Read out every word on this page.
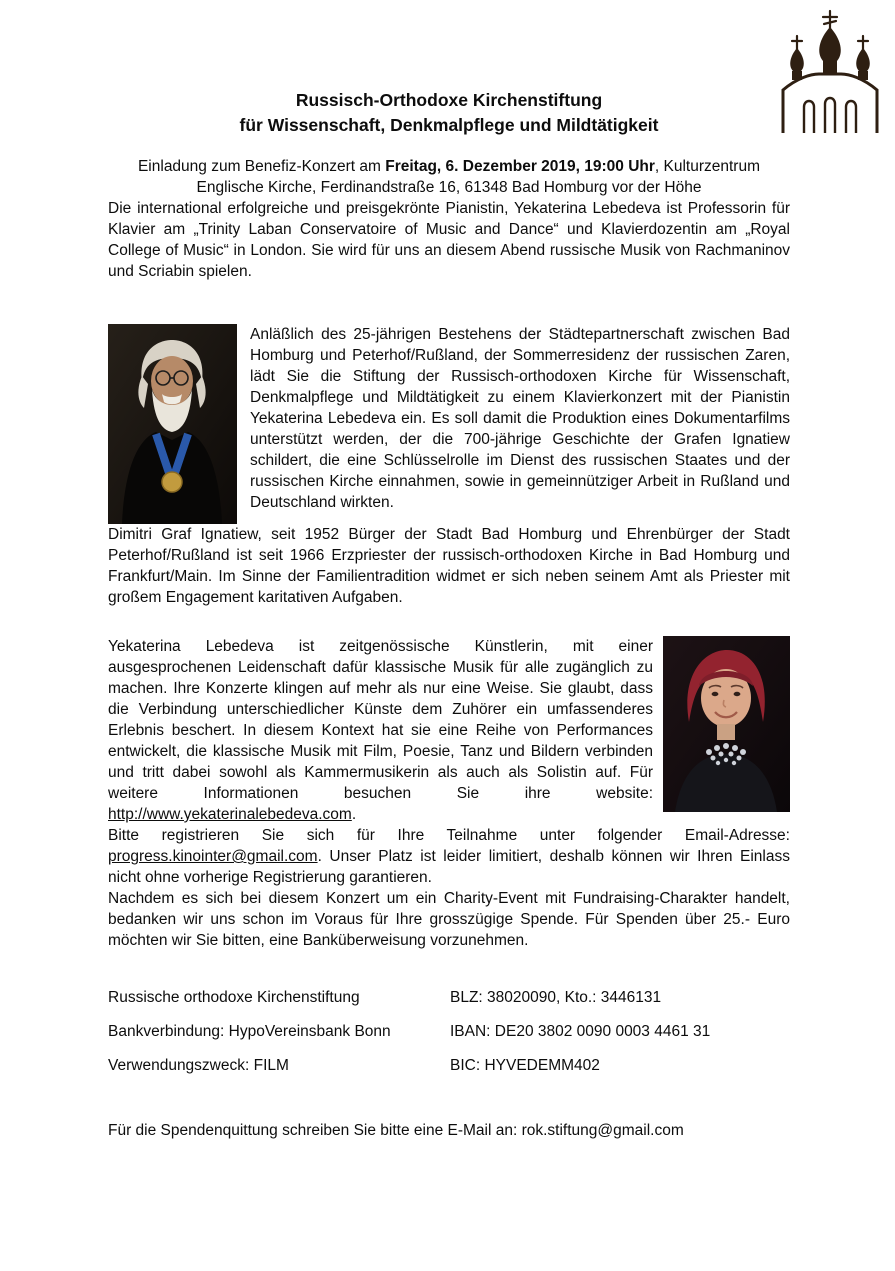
Russisch-Orthodoxe Kirchenstiftung
für Wissenschaft, Denkmalpflege und Mildtätigkeit

Einladung zum Benefiz-Konzert am Freitag, 6. Dezember 2019, 19:00 Uhr, Kulturzentrum Englische Kirche, Ferdinandstraße 16, 61348 Bad Homburg vor der Höhe

Die international erfolgreiche und preisgekrönte Pianistin, Yekaterina Lebedeva ist Professorin für Klavier am „Trinity Laban Conservatoire of Music and Dance“ und Klavierdozentin am „Royal College of Music“ in London. Sie wird für uns an diesem Abend russische Musik von Rachmaninov und Scriabin spielen.

Anläßlich des 25-jährigen Bestehens der Städtepartnerschaft zwischen Bad Homburg und Peterhof/Rußland, der Sommerresidenz der russischen Zaren, lädt Sie die Stiftung der Russisch-orthodoxen Kirche für Wissenschaft, Denkmalpflege und Mildtätigkeit zu einem Klavierkonzert mit der Pianistin Yekaterina Lebedeva ein. Es soll damit die Produktion eines Dokumentarfilms unterstützt werden, der die 700-jährige Geschichte der Grafen Ignatiew schildert, die eine Schlüsselrolle im Dienst des russischen Staates und der russischen Kirche einnahmen, sowie in gemeinnütziger Arbeit in Rußland und Deutschland wirkten.

Dimitri Graf Ignatiew, seit 1952 Bürger der Stadt Bad Homburg und Ehrenbürger der Stadt Peterhof/Rußland ist seit 1966 Erzpriester der russisch-orthodoxen Kirche in Bad Homburg und Frankfurt/Main. Im Sinne der Familientradition widmet er sich neben seinem Amt als Priester mit großem Engagement karitativen Aufgaben.

Yekaterina Lebedeva ist zeitgenössische Künstlerin, mit einer ausgesprochenen Leidenschaft dafür klassische Musik für alle zugänglich zu machen. Ihre Konzerte klingen auf mehr als nur eine Weise. Sie glaubt, dass die Verbindung unterschiedlicher Künste dem Zuhörer ein umfassenderes Erlebnis beschert. In diesem Kontext hat sie eine Reihe von Performances entwickelt, die klassische Musik mit Film, Poesie, Tanz und Bildern verbinden und tritt dabei sowohl als Kammermusikerin als auch als Solistin auf. Für weitere Informationen besuchen Sie ihre website: http://www.yekaterinalebedeva.com.

Bitte registrieren Sie sich für Ihre Teilnahme unter folgender Email-Adresse: progress.kinointer@gmail.com. Unser Platz ist leider limitiert, deshalb können wir Ihren Einlass nicht ohne vorherige Registrierung garantieren.

Nachdem es sich bei diesem Konzert um ein Charity-Event mit Fundraising-Charakter handelt, bedanken wir uns schon im Voraus für Ihre grosszügige Spende. Für Spenden über 25.- Euro möchten wir Sie bitten, eine Banküberweisung vorzunehmen.

Russische orthodoxe Kirchenstiftung	BLZ: 38020090, Kto.: 3446131
Bankverbindung: HypoVereinsbank Bonn	IBAN: DE20 3802 0090 0003 4461 31
Verwendungszweck: FILM	BIC: HYVEDEMM402

Für die Spendenquittung schreiben Sie bitte eine E-Mail an: rok.stiftung@gmail.com
